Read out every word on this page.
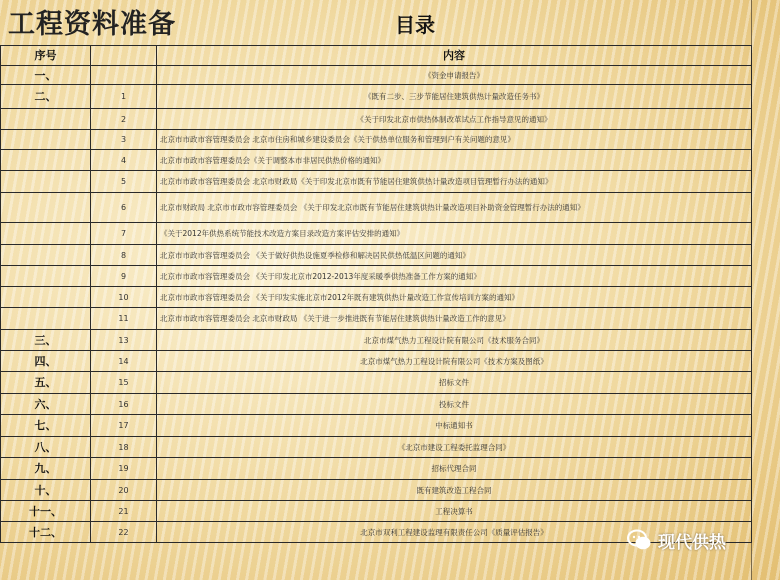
工程资料准备	目录
序号		内容
一、		《资金申请报告》
二、	1	《既有二步、三步节能居住建筑供热计量改造任务书》
	2	《关于印发北京市供热体制改革试点工作指导意见的通知》
	3	北京市市政市容管理委员会 北京市住房和城乡建设委员会《关于供热单位服务和管理到户有关问题的意见》
	4	北京市市政市容管理委员会《关于调整本市非居民供热价格的通知》
	5	北京市市政市容管理委员会 北京市财政局《关于印发北京市既有节能居住建筑供热计量改造项目管理暂行办法的通知》
	6	北京市财政局 北京市市政市容管理委员会 《关于印发北京市既有节能居住建筑供热计量改造项目补助资金管理暂行办法的通知》
	7	《关于2012年供热系统节能技术改造方案目录改造方案评估安排的通知》
	8	北京市市政市容管理委员会 《关于做好供热设施夏季检修和解决居民供热低温区问题的通知》
	9	北京市市政市容管理委员会 《关于印发北京市2012-2013年度采暖季供热准备工作方案的通知》
	10	北京市市政市容管理委员会 《关于印发实施北京市2012年既有建筑供热计量改造工作宣传培训方案的通知》
	11	北京市市政市容管理委员会 北京市财政局 《关于进一步推进既有节能居住建筑供热计量改造工作的意见》
三、	13	北京市煤气热力工程设计院有限公司《技术服务合同》
四、	14	北京市煤气热力工程设计院有限公司《技术方案及图纸》
五、	15	招标文件
六、	16	投标文件
七、	17	中标通知书
八、	18	《北京市建设工程委托监理合同》
九、	19	招标代理合同
十、	20	既有建筑改造工程合同
十一、	21	工程决算书
十二、	22	北京市双利工程建设监理有限责任公司《质量评估报告》
现代供热
